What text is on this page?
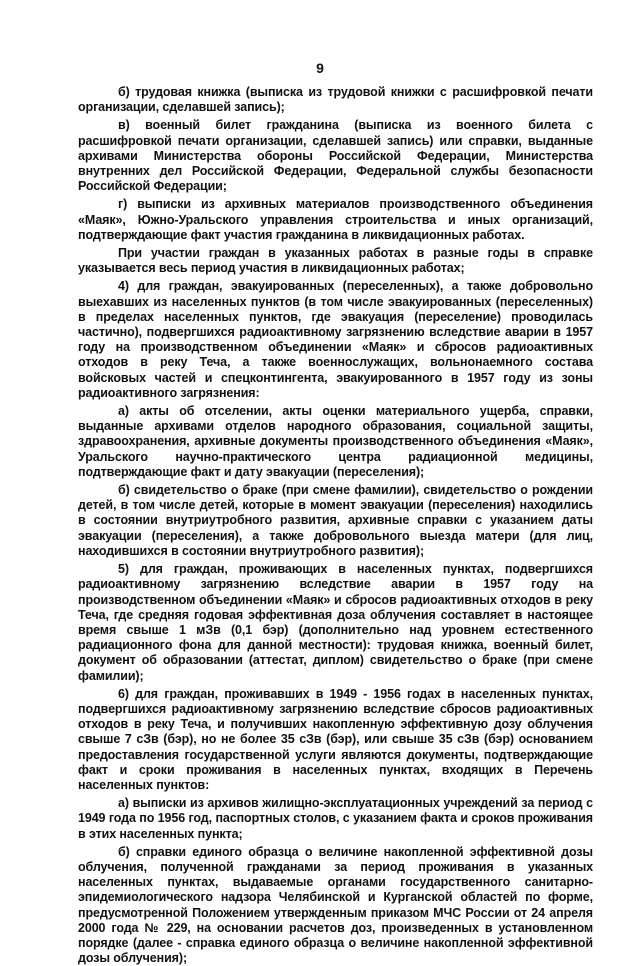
9

б) трудовая книжка (выписка из трудовой книжки с расшифровкой печати организации, сделавшей запись);

в) военный билет гражданина (выписка из военного билета с расшифровкой печати организации, сделавшей запись) или справки, выданные архивами Министерства обороны Российской Федерации, Министерства внутренних дел Российской Федерации, Федеральной службы безопасности Российской Федерации;

г) выписки из архивных материалов производственного объединения «Маяк», Южно-Уральского управления строительства и иных организаций, подтверждающие факт участия гражданина в ликвидационных работах.

При участии граждан в указанных работах в разные годы в справке указывается весь период участия в ликвидационных работах;

4) для граждан, эвакуированных (переселенных), а также добровольно выехавших из населенных пунктов (в том числе эвакуированных (переселенных) в пределах населенных пунктов, где эвакуация (переселение) проводилась частично), подвергшихся радиоактивному загрязнению вследствие аварии в 1957 году на производственном объединении «Маяк» и сбросов радиоактивных отходов в реку Теча, а также военнослужащих, вольнонаемного состава войсковых частей и спецконтингента, эвакуированного в 1957 году из зоны радиоактивного загрязнения:

а) акты об отселении, акты оценки материального ущерба, справки, выданные архивами отделов народного образования, социальной защиты, здравоохранения, архивные документы производственного объединения «Маяк», Уральского научно-практического центра радиационной медицины, подтверждающие факт и дату эвакуации (переселения);

б) свидетельство о браке (при смене фамилии), свидетельство о рождении детей, в том числе детей, которые в момент эвакуации (переселения) находились в состоянии внутриутробного развития, архивные справки с указанием даты эвакуации (переселения), а также добровольного выезда матери (для лиц, находившихся в состоянии внутриутробного развития);

5) для граждан, проживающих в населенных пунктах, подвергшихся радиоактивному загрязнению вследствие аварии в 1957 году на производственном объединении «Маяк» и сбросов радиоактивных отходов в реку Теча, где средняя годовая эффективная доза облучения составляет в настоящее время свыше 1 мЗв (0,1 бэр) (дополнительно над уровнем естественного радиационного фона для данной местности): трудовая книжка, военный билет, документ об образовании (аттестат, диплом) свидетельство о браке (при смене фамилии);

6) для граждан, проживавших в 1949 - 1956 годах в населенных пунктах, подвергшихся радиоактивному загрязнению вследствие сбросов радиоактивных отходов в реку Теча, и получивших накопленную эффективную дозу облучения свыше 7 сЗв (бэр), но не более 35 сЗв (бэр), или свыше 35 сЗв (бэр) основанием предоставления государственной услуги являются документы, подтверждающие факт и сроки проживания в населенных пунктах, входящих в Перечень населенных пунктов:

а) выписки из архивов жилищно-эксплуатационных учреждений за период с 1949 года по 1956 год, паспортных столов, с указанием факта и сроков проживания в этих населенных пункта;

б) справки единого образца о величине накопленной эффективной дозы облучения, полученной гражданами за период проживания в указанных населенных пунктах, выдаваемые органами государственного санитарно-эпидемиологического надзора Челябинской и Курганской областей по форме, предусмотренной Положением утвержденным приказом МЧС России от 24 апреля 2000 года № 229, на основании расчетов доз, произведенных в установленном порядке (далее - справка единого образца о величине накопленной эффективной дозы облучения);
